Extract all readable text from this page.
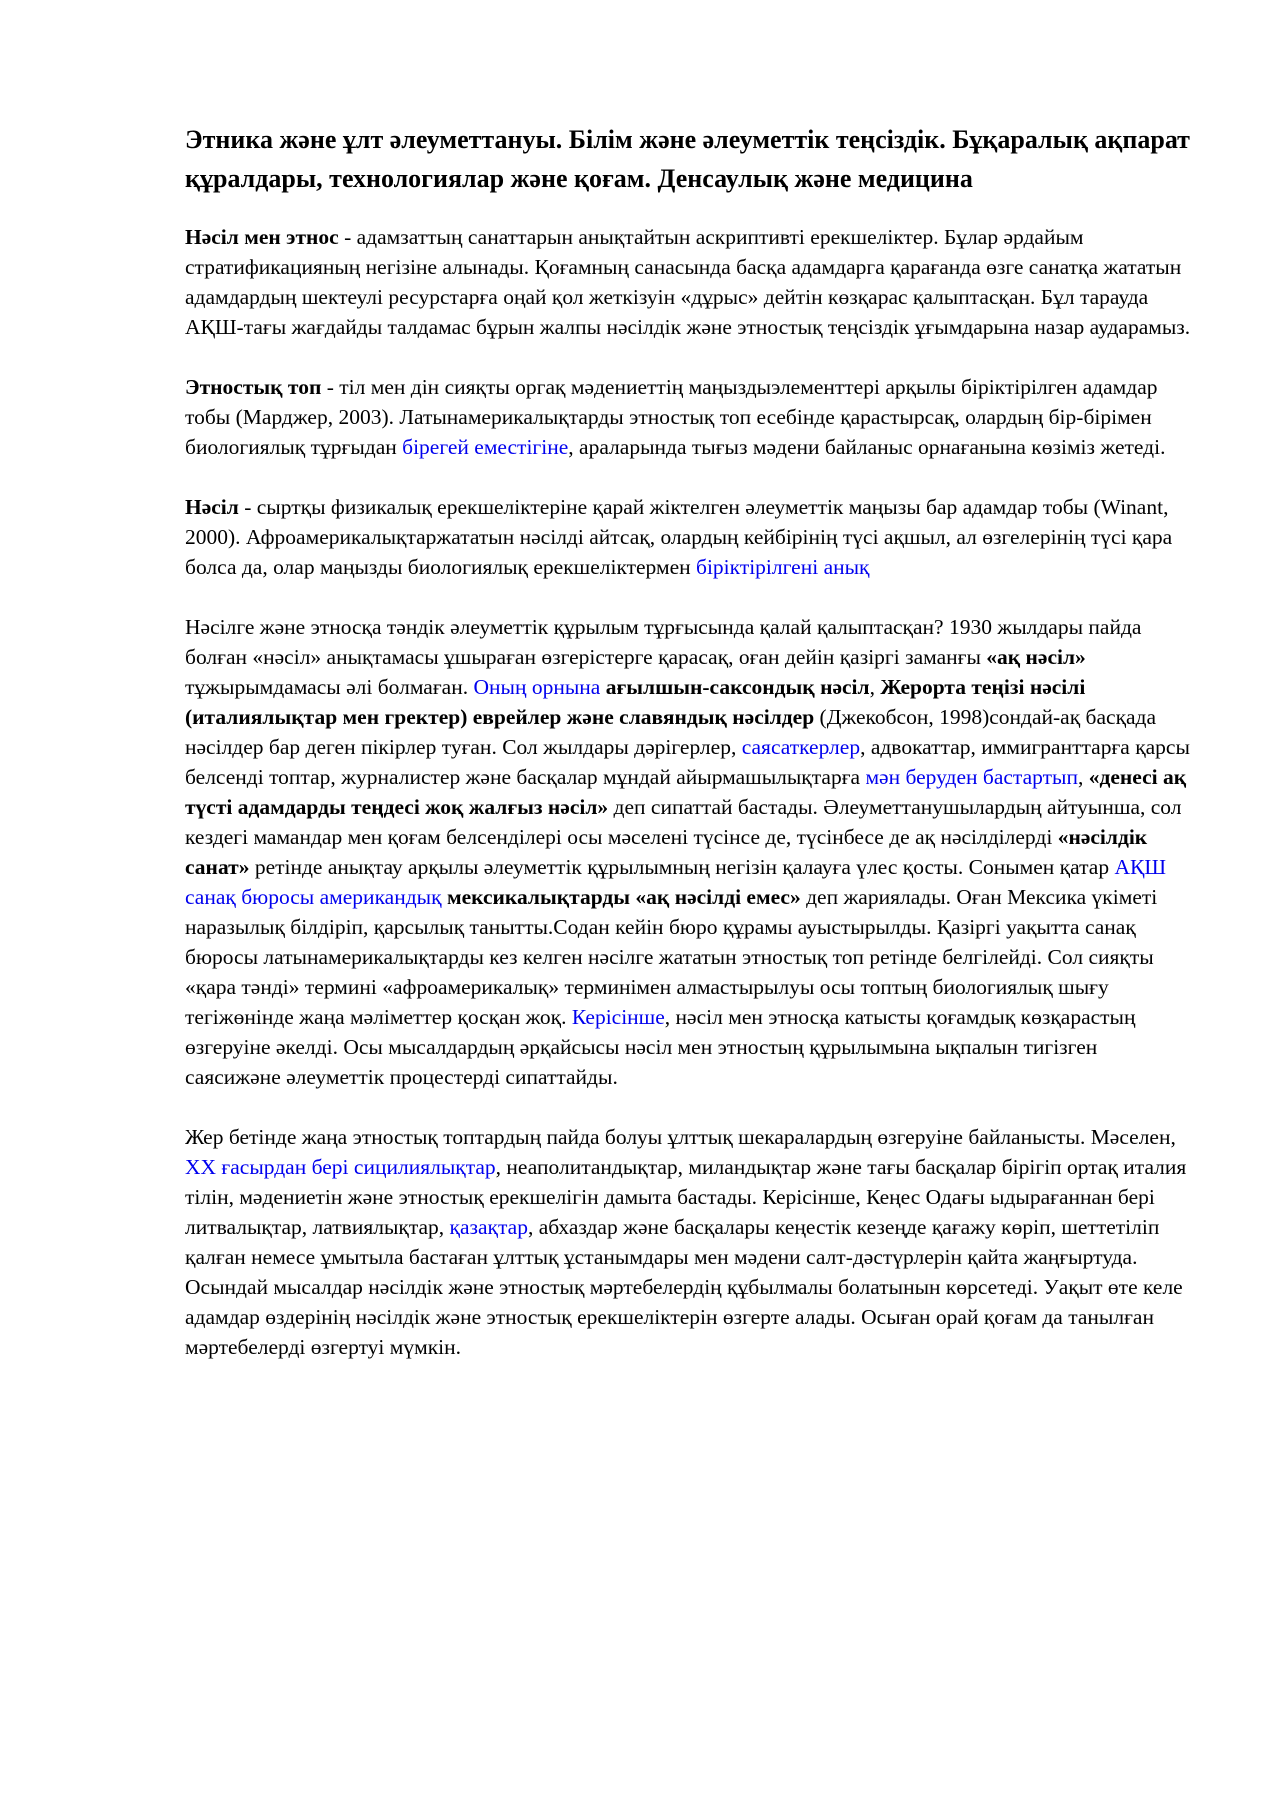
Этника және ұлт әлеуметтануы. Білім және әлеуметтік теңсіздік. Бұқаралық ақпарат құралдары, технологиялар және қоғам. Денсаулық және медицина

Нәсіл мен этнос - адамзаттың санаттарын анықтайтын аскриптивті ерекшеліктер. Бұлар әрдайым стратификацияның негізіне алынады. Қоғамның санасында басқа адамдарга қарағанда өзге санатқа жататын адамдардың шектеулі ресурстарға оңай қол жеткізуін «дұрыс» дейтін көзқарас қалыптасқан. Бұл тарауда АҚШ-тағы жағдайды талдамас бұрын жалпы нәсілдік және этностық теңсіздік ұғымдарына назар аударамыз.

Этностық топ - тіл мен дін сияқты оргақ мәдениеттің маңыздыэлементтері арқылы біріктірілген адамдар тобы (Марджер, 2003). Латынамерикалықтарды этностық топ есебінде қарастырсақ, олардың бір-бірімен биологиялық тұрғыдан бірегей еместігіне, араларында тығыз мәдени байланыс орнағанына көзіміз жетеді.

Нәсіл - сыртқы физикалық ерекшеліктеріне қарай жіктелген әлеуметтік маңызы бар адамдар тобы (Winant, 2000). Афроамерикалықтаржататын нәсілді айтсақ, олардың кейбірінің түсі ақшыл, ал өзгелерінің түсі қара болса да, олар маңызды биологиялық ерекшеліктермен біріктірілгені анық

Нәсілге және этносқа тәндік әлеуметтік құрылым тұрғысында қалай қалыптасқан? 1930 жылдары пайда болған «нәсіл» анықтамасы ұшыраған өзгерістерге қарасақ, оған дейін қазіргі заманғы «ақ нәсіл» тұжырымдамасы әлі болмаған. Оның орнына ағылшын-саксондық нәсіл, Жерорта теңізі нәсілі (италиялықтар мен гректер) еврейлер және славяндық нәсілдер (Джекобсон, 1998)сондай-ақ басқада нәсілдер бар деген пікірлер туған. Сол жылдары дәрігерлер, саясаткерлер, адвокаттар, иммигранттарға қарсы белсенді топтар, журналистер және басқалар мұндай айырмашылықтарға мән беруден бастартып, «денесі ақ түсті адамдарды теңдесі жоқ жалғыз нәсіл» деп сипаттай бастады. Әлеуметтанушылардың айтуынша, сол кездегі мамандар мен қоғам белсенділері осы мәселені түсінсе де, түсінбесе де ақ нәсілділерді «нәсілдік санат» ретінде анықтау арқылы әлеуметтік құрылымның негізін қалауға үлес қосты. Сонымен қатар АҚШ санақ бюросы американдық мексикалықтарды «ақ нәсілді емес» деп жариялады. Оған Мексика үкіметі наразылық білдіріп, қарсылық танытты.Содан кейін бюро құрамы ауыстырылды. Қазіргі уақытта санақ бюросы латынамерикалықтарды кез келген нәсілге жататын этностық топ ретінде белгілейді. Сол сияқты «қара тәнді» термині «афроамерикалық» терминімен алмастырылуы осы топтың биологиялық шығу тегіжөнінде жаңа мәліметтер қосқан жоқ. Керісінше, нәсіл мен этносқа катысты қоғамдық көзқарастың өзгеруіне әкелді. Осы мысалдардың әрқайсысы нәсіл мен этностың құрылымына ықпалын тигізген саясижәне әлеуметтік процестерді сипаттайды.

Жер бетінде жаңа этностық топтардың пайда болуы ұлттық шекаралардың өзгеруіне байланысты. Мәселен, XX ғасырдан бері сицилиялықтар, неаполитандықтар, миландықтар және тағы басқалар бірігіп ортақ италия тілін, мәдениетін және этностық ерекшелігін дамыта бастады. Керісінше, Кеңес Одағы ыдырағаннан бері литвалықтар, латвиялықтар, қазақтар, абхаздар және басқалары кеңестік кезеңде қағажу көріп, шеттетіліп қалған немесе ұмытыла бастаған ұлттық ұстанымдары мен мәдени салт-дәстүрлерін қайта жаңғыртуда. Осындай мысалдар нәсілдік және этностық мәртебелердің құбылмалы болатынын көрсетеді. Уақыт өте келе адамдар өздерінің нәсілдік және этностық ерекшеліктерін өзгерте алады. Осыған орай қоғам да танылған мәртебелерді өзгертуі мүмкін.
